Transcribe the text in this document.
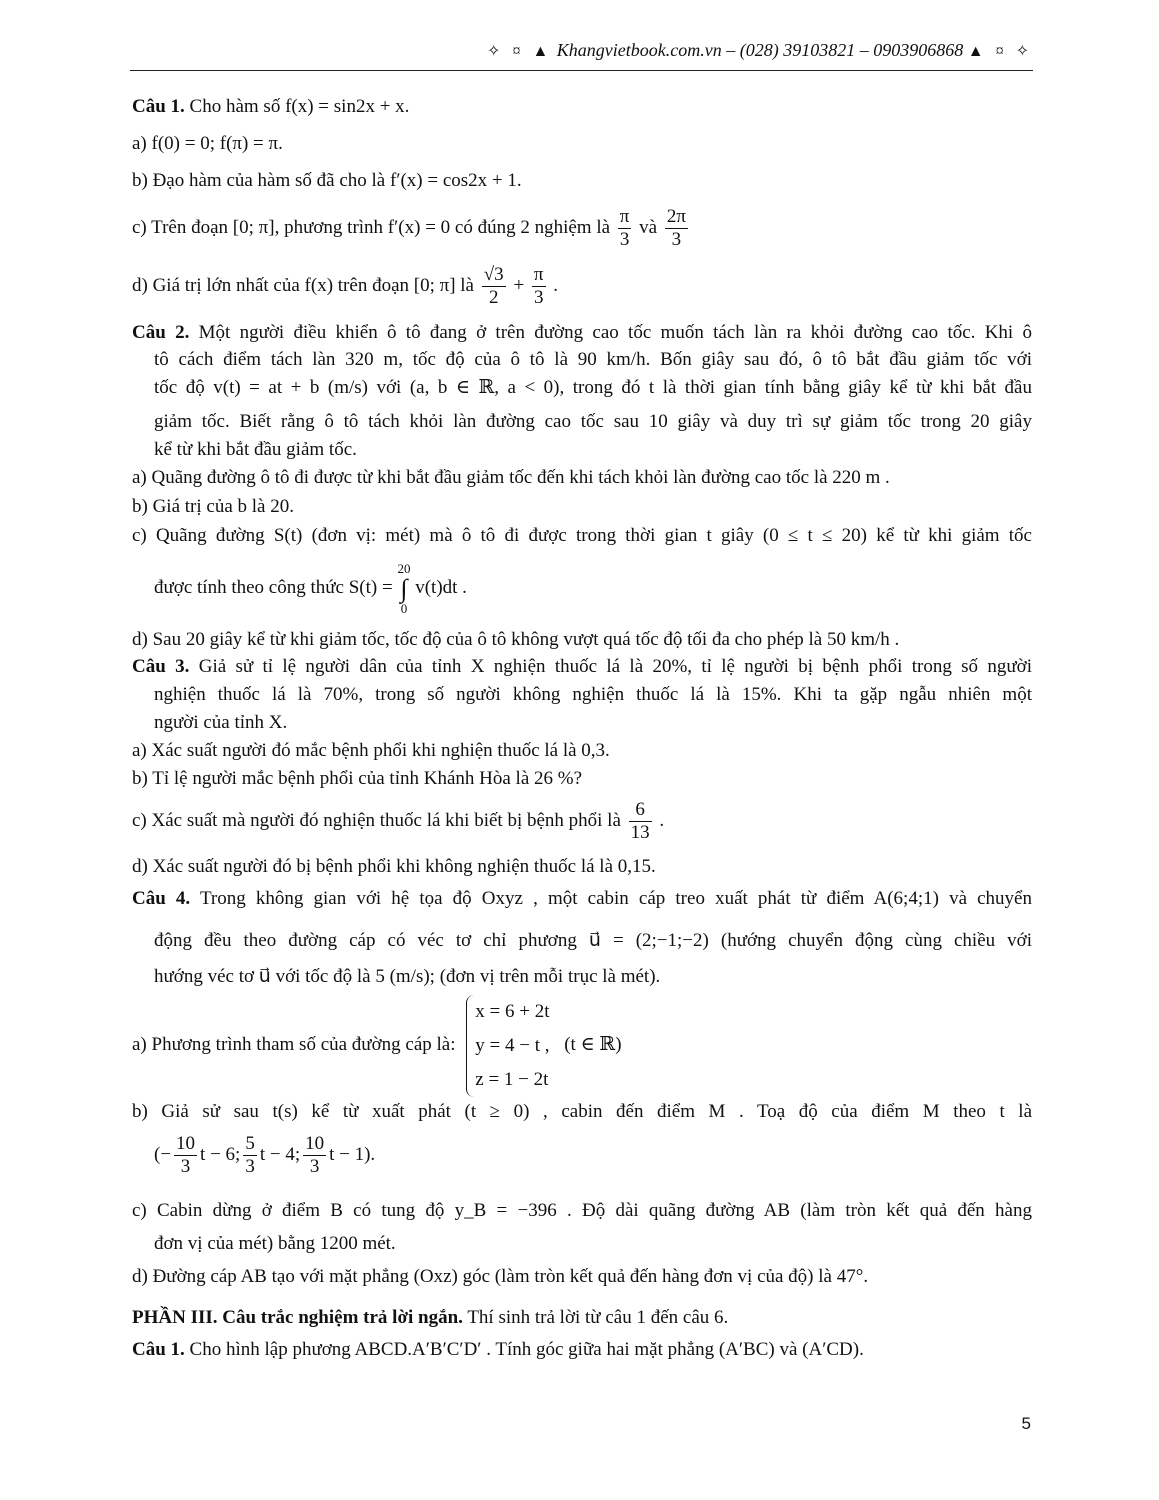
✧ ¤ ▲ Khangvietbook.com.vn – (028) 39103821 – 0903906868 ▲ ¤ ✧
Câu 1. Cho hàm số f(x) = sin2x + x.
a) f(0) = 0; f(π) = π.
b) Đạo hàm của hàm số đã cho là f′(x) = cos2x + 1.
c) Trên đoạn [0; π], phương trình f′(x) = 0 có đúng 2 nghiệm là $\frac{\pi}{3}$ và $\frac{2\pi}{3}$
d) Giá trị lớn nhất của f(x) trên đoạn [0; π] là $\frac{√3}{2} + \frac{\pi}{3}$ .
Câu 2. Một người điều khiển ô tô đang ở trên đường cao tốc muốn tách làn ra khỏi đường cao tốc. Khi ô
tô cách điểm tách làn 320 m, tốc độ của ô tô là 90 km/h. Bốn giây sau đó, ô tô bắt đầu giảm tốc với
tốc độ v(t) = at + b (m/s) với (a, b ∈ ℝ, a < 0), trong đó t là thời gian tính bằng giây kể từ khi bắt đầu
giảm tốc. Biết rằng ô tô tách khỏi làn đường cao tốc sau 10 giây và duy trì sự giảm tốc trong 20 giây
kể từ khi bắt đầu giảm tốc.
a) Quãng đường ô tô đi được từ khi bắt đầu giảm tốc đến khi tách khỏi làn đường cao tốc là 220 m .
b) Giá trị của b là 20.
c) Quãng đường S(t) (đơn vị: mét) mà ô tô đi được trong thời gian t giây (0 ≤ t ≤ 20) kể từ khi giảm tốc
được tính theo công thức S(t) = 20
∫
0 v(t)dt .
d) Sau 20 giây kể từ khi giảm tốc, tốc độ của ô tô không vượt quá tốc độ tối đa cho phép là 50 km/h .
Câu 3. Giả sử tỉ lệ người dân của tỉnh X nghiện thuốc lá là 20%, tỉ lệ người bị bệnh phổi trong số người
nghiện thuốc lá là 70%, trong số người không nghiện thuốc lá là 15%. Khi ta gặp ngẫu nhiên một
người của tỉnh X.
a) Xác suất người đó mắc bệnh phổi khi nghiện thuốc lá là 0,3.
b) Tỉ lệ người mắc bệnh phổi của tỉnh Khánh Hòa là 26 %?
c) Xác suất mà người đó nghiện thuốc lá khi biết bị bệnh phổi là $\frac{6}{13}$ .
d) Xác suất người đó bị bệnh phổi khi không nghiện thuốc lá là 0,15.
Câu 4. Trong không gian với hệ tọa độ Oxyz , một cabin cáp treo xuất phát từ điểm A(6;4;1) và chuyển
động đều theo đường cáp có véc tơ chỉ phương u⃗ = (2;−1;−2) (hướng chuyển động cùng chiều với
hướng véc tơ u⃗ với tốc độ là 5 (m/s); (đơn vị trên mỗi trục là mét).
a) Phương trình tham số của đường cáp là:
x = 6 + 2t
y = 4 − t ,
z = 1 − 2t
(t ∈ ℝ)
b) Giả sử sau t(s) kể từ xuất phát (t ≥ 0) , cabin đến điểm M . Toạ độ của điểm M theo t là
(− $\frac{10}{3}$ t − 6; $\frac{5}{3}$ t − 4; $\frac{10}{3}$ t − 1).
c) Cabin dừng ở điểm B có tung độ y_B = −396 . Độ dài quãng đường AB (làm tròn kết quả đến hàng
đơn vị của mét) bằng 1200 mét.
d) Đường cáp AB tạo với mặt phẳng (Oxz) góc (làm tròn kết quả đến hàng đơn vị của độ) là 47°.
PHẦN III. Câu trắc nghiệm trả lời ngắn. Thí sinh trả lời từ câu 1 đến câu 6.
Câu 1. Cho hình lập phương ABCD.A′B′C′D′ . Tính góc giữa hai mặt phẳng (A′BC) và (A′CD).
5
